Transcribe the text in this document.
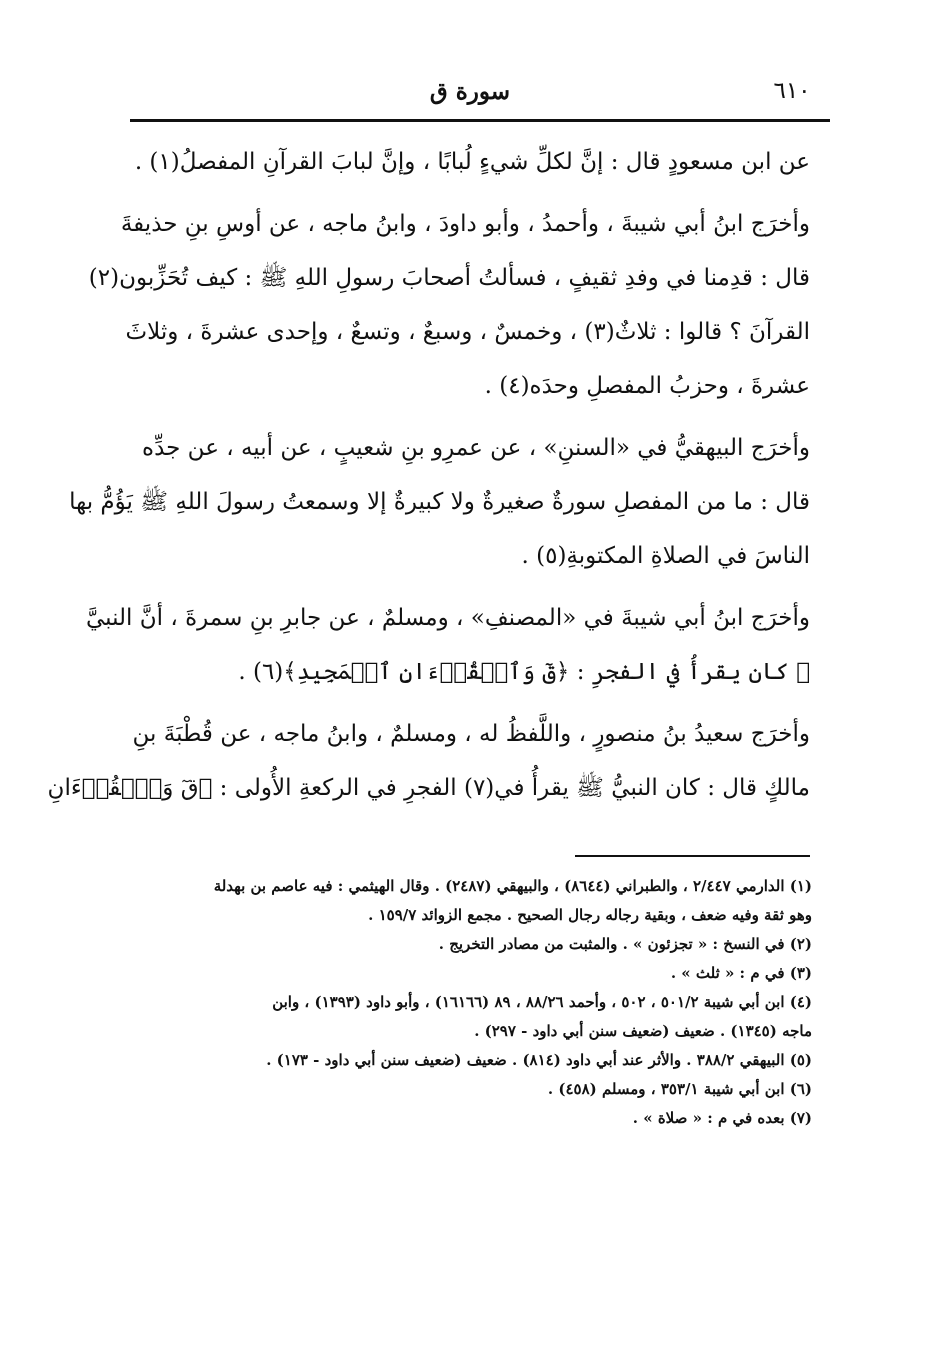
٦١٠
سورة ق

عن ابن مسعودٍ قال : إنَّ لكلِّ شيءٍ لُبابًا ، وإنَّ لبابَ القرآنِ المفصلُ(١) .

وأخرَج ابنُ أبي شيبةَ ، وأحمدُ ، وأبو داودَ ، وابنُ ماجه ، عن أوسِ بنِ حذيفةَ
قال : قدِمنا في وفدِ ثقيفٍ ، فسألتُ أصحابَ رسولِ اللهِ ﷺ : كيف تُحَزِّبون(٢)
القرآنَ ؟ قالوا : ثلاثٌ(٣) ، وخمسٌ ، وسبعٌ ، وتسعٌ ، وإحدى عشرةَ ، وثلاثَ
عشرةَ ، وحزبُ المفصلِ وحدَه(٤) .

وأخرَج البيهقيُّ في «السننِ» ، عن عمرِو بنِ شعيبٍ ، عن أبيه ، عن جدِّه
قال : ما من المفصلِ سورةٌ صغيرةٌ ولا كبيرةٌ إلا وسمعتُ رسولَ اللهِ ﷺ يَؤُمُّ بها
الناسَ في الصلاةِ المكتوبةِ(٥) .

وأخرَج ابنُ أبي شيبةَ في «المصنفِ» ، ومسلمٌ ، عن جابرِ بنِ سمرةَ ، أنَّ النبيَّ
ﷺ كان يقرأُ في الفجرِ : ﴿قٓ وَٱلۡقُرۡءَانِ ٱلۡمَجِيدِ﴾(٦) .

وأخرَج سعيدُ بنُ منصورٍ ، واللَّفظُ له ، ومسلمٌ ، وابنُ ماجه ، عن قُطْبَةَ بنِ
مالكٍ قال : كان النبيُّ ﷺ يقرأُ في(٧) الفجرِ في الركعةِ الأُولى : ﴿قٓ وَٱلۡقُرۡءَانِ

(١) الدارمي ٢/٤٤٧ ، والطبراني (٨٦٤٤) ، والبيهقي (٢٤٨٧) . وقال الهيثمي : فيه عاصم بن بهدلة
وهو ثقة وفيه ضعف ، وبقية رجاله رجال الصحيح . مجمع الزوائد ١٥٩/٧ .
(٢) في النسخ : « تجزئون » . والمثبت من مصادر التخريج .
(٣) في م : « ثلث » .
(٤) ابن أبي شيبة ٥٠١/٢ ، ٥٠٢ ، وأحمد ٨٨/٢٦ ، ٨٩ (١٦١٦٦) ، وأبو داود (١٣٩٣) ، وابن
ماجه (١٣٤٥) . ضعيف (ضعيف سنن أبي داود - ٢٩٧) .
(٥) البيهقي ٣٨٨/٢ . والأثر عند أبي داود (٨١٤) . ضعيف (ضعيف سنن أبي داود - ١٧٣) .
(٦) ابن أبي شيبة ٣٥٣/١ ، ومسلم (٤٥٨) .
(٧) بعده في م : « صلاة » .
